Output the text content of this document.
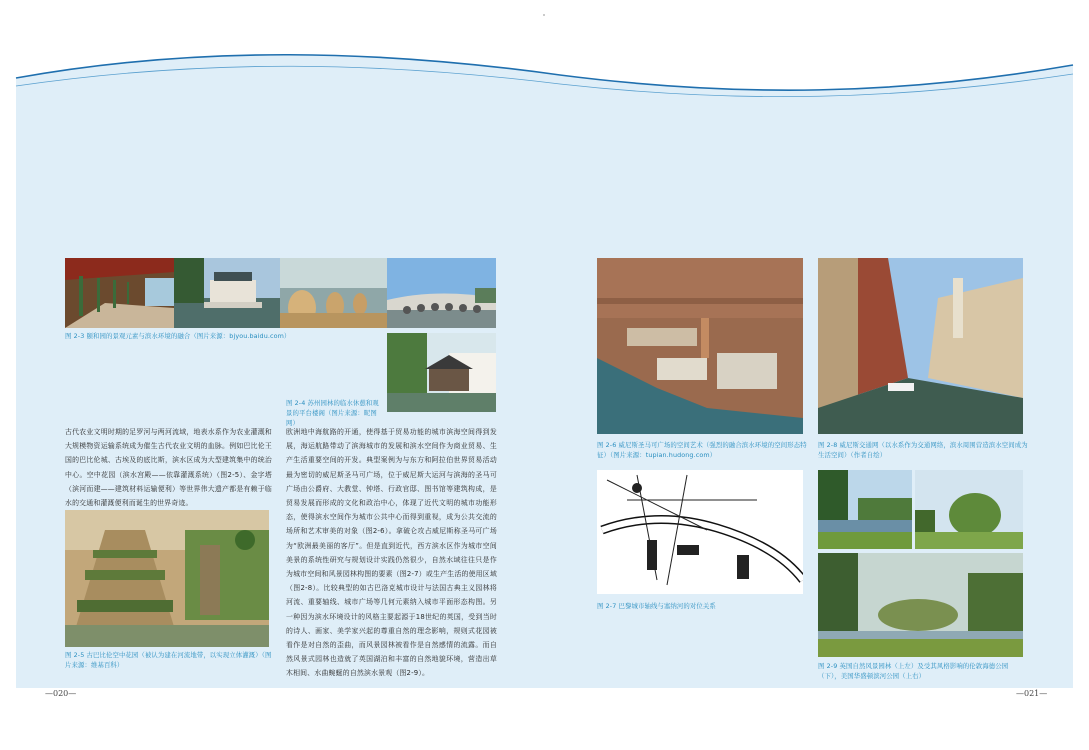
图 2-3 颐和园的景观元素与滨水环境的融合（图片来源：bjyou.baidu.com）
图 2-4 苏州园林的临水休憩和观景的平台楼阁（图片来源：昵图网）
古代农业文明时期的足罗河与两河流域，地表水系作为农业灌溉和大规模物资运输系统成为催生古代农业文明的血脉。例如巴比伦王国的巴比伦城、古埃及的底比斯，滨水区成为大型建筑集中的统治中心。空中花园（滨水宫殿——依靠灌溉系统）（图2-5）、金字塔（滨河而建——建筑材料运输便利）等世界伟大遗产都是有赖于临水的交通和灌溉便利而诞生的世界奇迹。
图 2-5 古巴比伦空中花园（被认为建在河流地带，以实现立体灌溉）（图片来源：维基百科）
欧洲地中海航路的开通，使得基于贸易功能的城市滨海空间得到发展，海运航路带动了滨海城市的发展和滨水空间作为商业贸易、生产生活重要空间的开发。典型案例为与东方和阿拉伯世界贸易活动最为密切的威尼斯圣马可广场，位于威尼斯大运河与滨海的圣马可广场由公爵府、大教堂、钟塔、行政官邸、图书馆等建筑构成，是贸易发展而形成的文化和政治中心，体现了近代文明的城市功能形态，使得滨水空间作为城市公共中心而得到重视，成为公共交流的场所和艺术审美的对象（图2-6）。拿破仑攻占威尼斯称圣马可广场为“欧洲最美丽的客厅”。但是直到近代，西方滨水区作为城市空间美景的系统性研究与规划设计实践仍然很少，自然水域往往只是作为城市空间和风景园林构图的要素（图2-7）或生产生活的使用区域（图2-8）。比较典型的如古巴洛克城市设计与法国古典主义园林将河流、重要轴线、城市广场等几何元素纳入城市平面形态构图。另一种因为滨水环境设计的风格主要起源于18世纪的英国，受到当时的诗人、画家、美学家兴起的尊重自然的理念影响，规则式花园被看作是对自然的歪曲，而风景园林被看作是自然感情的流露。而自然风景式园林也造就了英国湖泊和丰富的自然地貌环境，营造出草木相间、水曲蜿蜒的自然滨水景观（图2-9）。
图 2-6 威尼斯圣马可广场的空间艺术（强烈的融合滨水环境的空间形态特征）（图片来源：tupian.hudong.com）
图 2-8 威尼斯交通网（以水系作为交通网络，滨水周围营造滨水空间成为生活空间）（作者自绘）
图 2-7 巴黎城市轴线与塞纳河的对位关系
图 2-9 英国自然风景园林（上左）及受其风格影响的伦敦海德公园（下），美国华盛顿滨河公园（上右）
—020—	—021—
